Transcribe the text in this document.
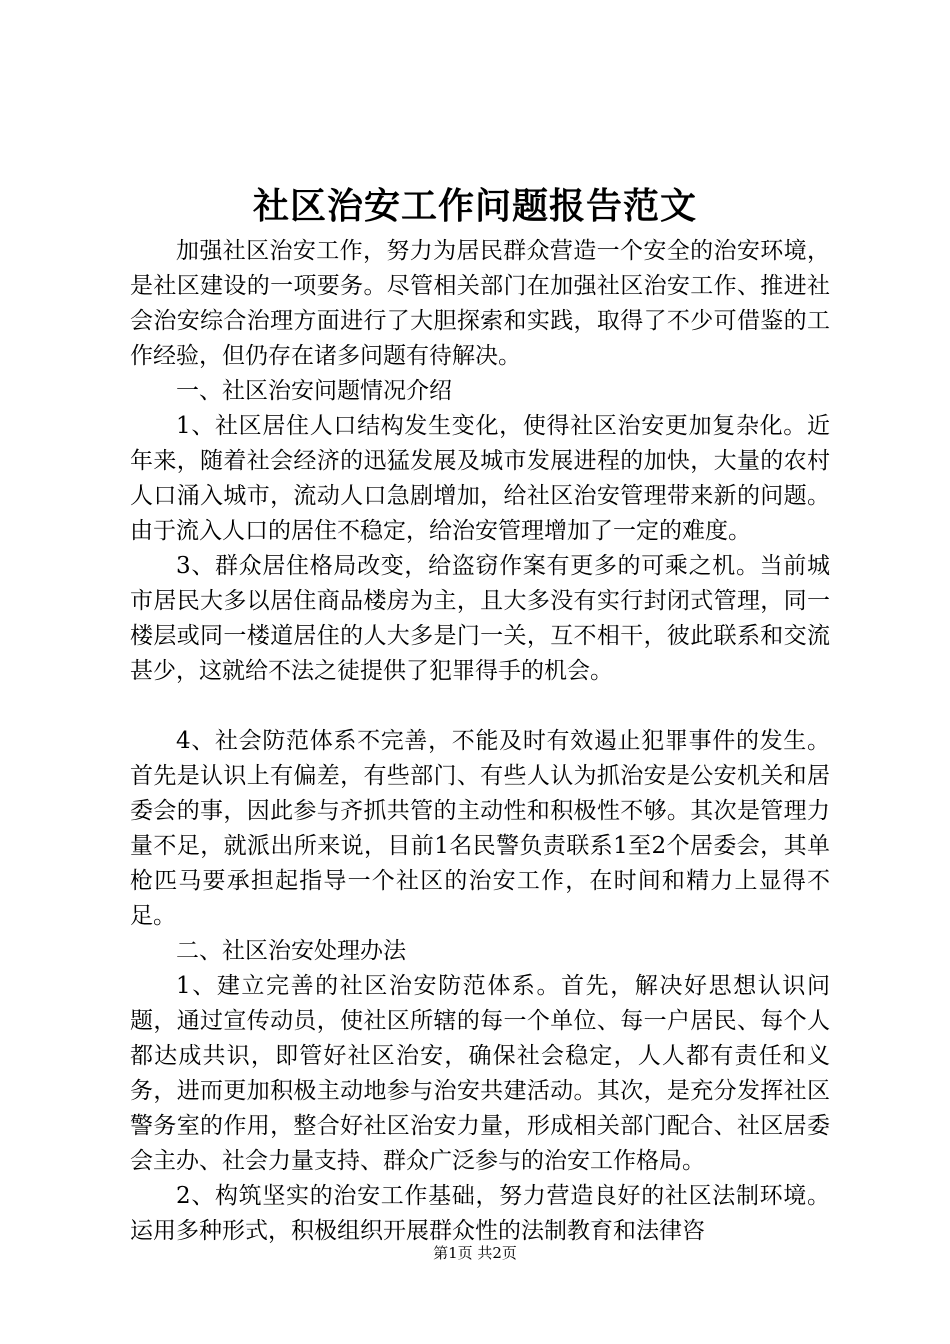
社区治安工作问题报告范文

加强社区治安工作，努力为居民群众营造一个安全的治安环境，是社区建设的一项要务。尽管相关部门在加强社区治安工作、推进社会治安综合治理方面进行了大胆探索和实践，取得了不少可借鉴的工作经验，但仍存在诸多问题有待解决。

一、社区治安问题情况介绍

1、社区居住人口结构发生变化，使得社区治安更加复杂化。近年来，随着社会经济的迅猛发展及城市发展进程的加快，大量的农村人口涌入城市，流动人口急剧增加，给社区治安管理带来新的问题。由于流入人口的居住不稳定，给治安管理增加了一定的难度。

3、群众居住格局改变，给盗窃作案有更多的可乘之机。当前城市居民大多以居住商品楼房为主，且大多没有实行封闭式管理，同一楼层或同一楼道居住的人大多是门一关，互不相干，彼此联系和交流甚少，这就给不法之徒提供了犯罪得手的机会。

4、社会防范体系不完善，不能及时有效遏止犯罪事件的发生。首先是认识上有偏差，有些部门、有些人认为抓治安是公安机关和居委会的事，因此参与齐抓共管的主动性和积极性不够。其次是管理力量不足，就派出所来说，目前1名民警负责联系1至2个居委会，其单枪匹马要承担起指导一个社区的治安工作，在时间和精力上显得不足。

二、社区治安处理办法

1、建立完善的社区治安防范体系。首先，解决好思想认识问题，通过宣传动员，使社区所辖的每一个单位、每一户居民、每个人都达成共识，即管好社区治安，确保社会稳定，人人都有责任和义务，进而更加积极主动地参与治安共建活动。其次，是充分发挥社区警务室的作用，整合好社区治安力量，形成相关部门配合、社区居委会主办、社会力量支持、群众广泛参与的治安工作格局。

2、构筑坚实的治安工作基础，努力营造良好的社区法制环境。运用多种形式，积极组织开展群众性的法制教育和法律咨

第1页 共2页
